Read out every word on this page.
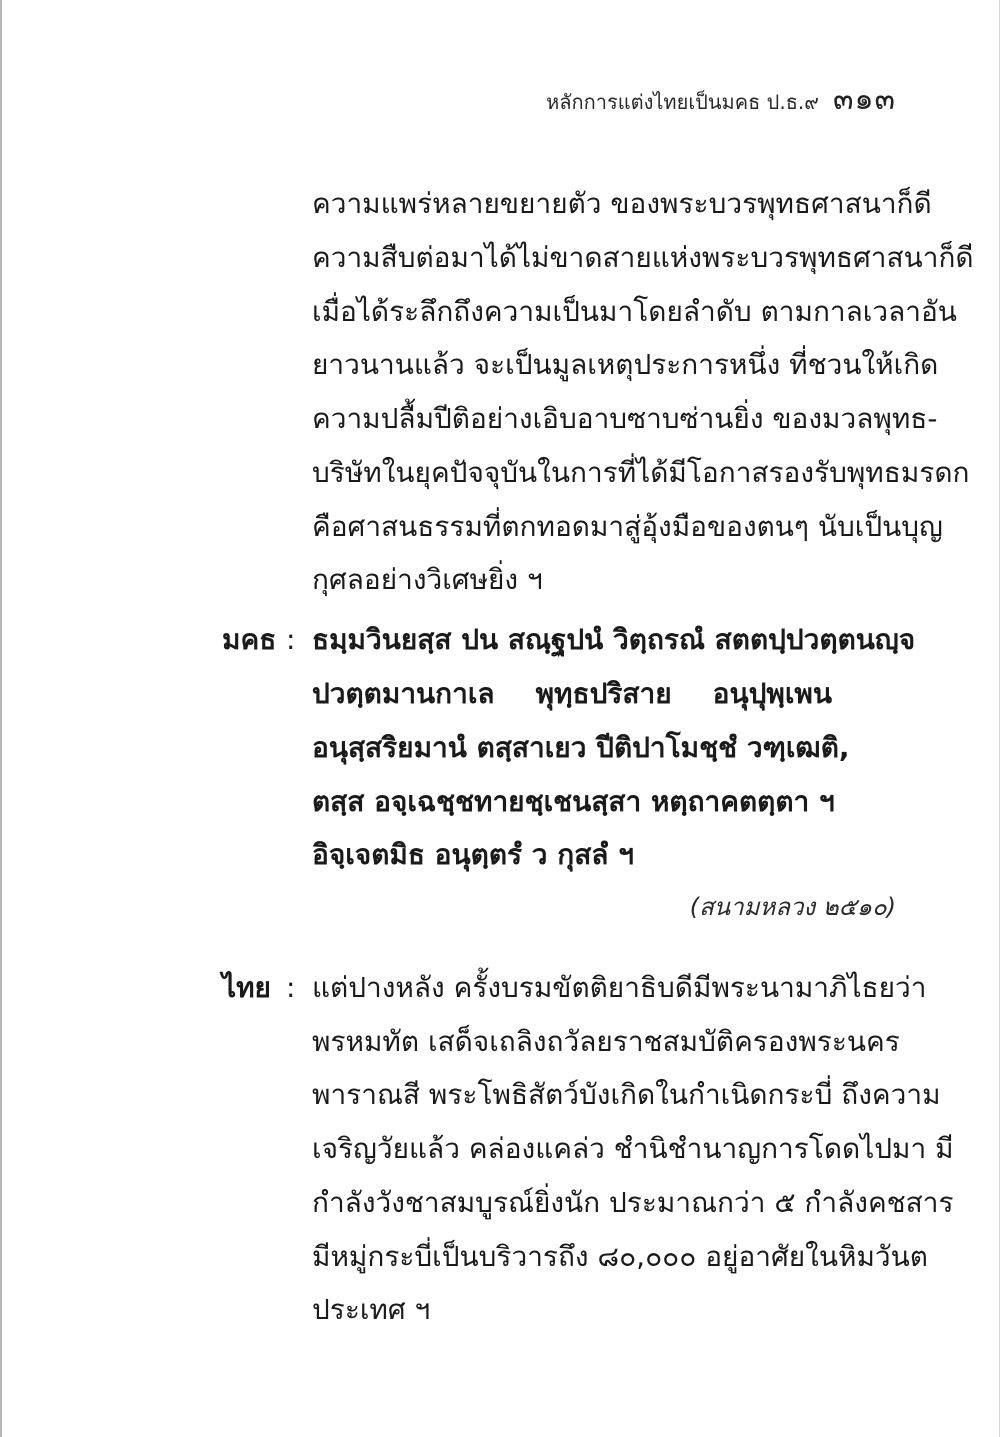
หลักการแต่งไทยเป็นมคธ ป.ธ.๙ ๓๑๓
ความแพร่หลายขยายตัว ของพระบวรพุทธศาสนาก็ดี
ความสืบต่อมาได้ไม่ขาดสายแห่งพระบวรพุทธศาสนาก็ดี
เมื่อได้ระลึกถึงความเป็นมาโดยลำดับ ตามกาลเวลาอัน
ยาวนานแล้ว จะเป็นมูลเหตุประการหนึ่ง ที่ชวนให้เกิด
ความปลื้มปีติอย่างเอิบอาบซาบซ่านยิ่ง ของมวลพุทธ-
บริษัทในยุคปัจจุบันในการที่ได้มีโอกาสรองรับพุทธมรดก
คือศาสนธรรมที่ตกทอดมาสู่อุ้งมือของตนๆ นับเป็นบุญ
กุศลอย่างวิเศษยิ่ง ฯ
มคธ : ธมฺมวินยสฺส ปน สณฺฐปนํ วิตฺถรณํ สตตปฺปวตฺตนญฺจ
ปวตฺตมานกาเล พุทฺธปริสาย อนุปุพฺเพน
อนุสฺสริยมานํ ตสฺสาเยว ปีติปาโมชฺชํ วฑฺเฒติ,
ตสฺส อจฺเฉชฺชทายชฺเชนสฺสา หตฺถาคตตฺตา ฯ
อิจฺเจตมิธ อนุตฺตรํ ว กุสลํ ฯ
(สนามหลวง ๒๕๑๐)
ไทย : แต่ปางหลัง ครั้งบรมขัตติยาธิบดีมีพระนามาภิไธยว่า
พรหมทัต เสด็จเถลิงถวัลยราชสมบัติครองพระนคร
พาราณสี พระโพธิสัตว์บังเกิดในกำเนิดกระบี่ ถึงความ
เจริญวัยแล้ว คล่องแคล่ว ชำนิชำนาญการโดดไปมา มี
กำลังวังชาสมบูรณ์ยิ่งนัก ประมาณกว่า ๕ กำลังคชสาร
มีหมู่กระบี่เป็นบริวารถึง ๘๐,๐๐๐ อยู่อาศัยในหิมวันต
ประเทศ ฯ
